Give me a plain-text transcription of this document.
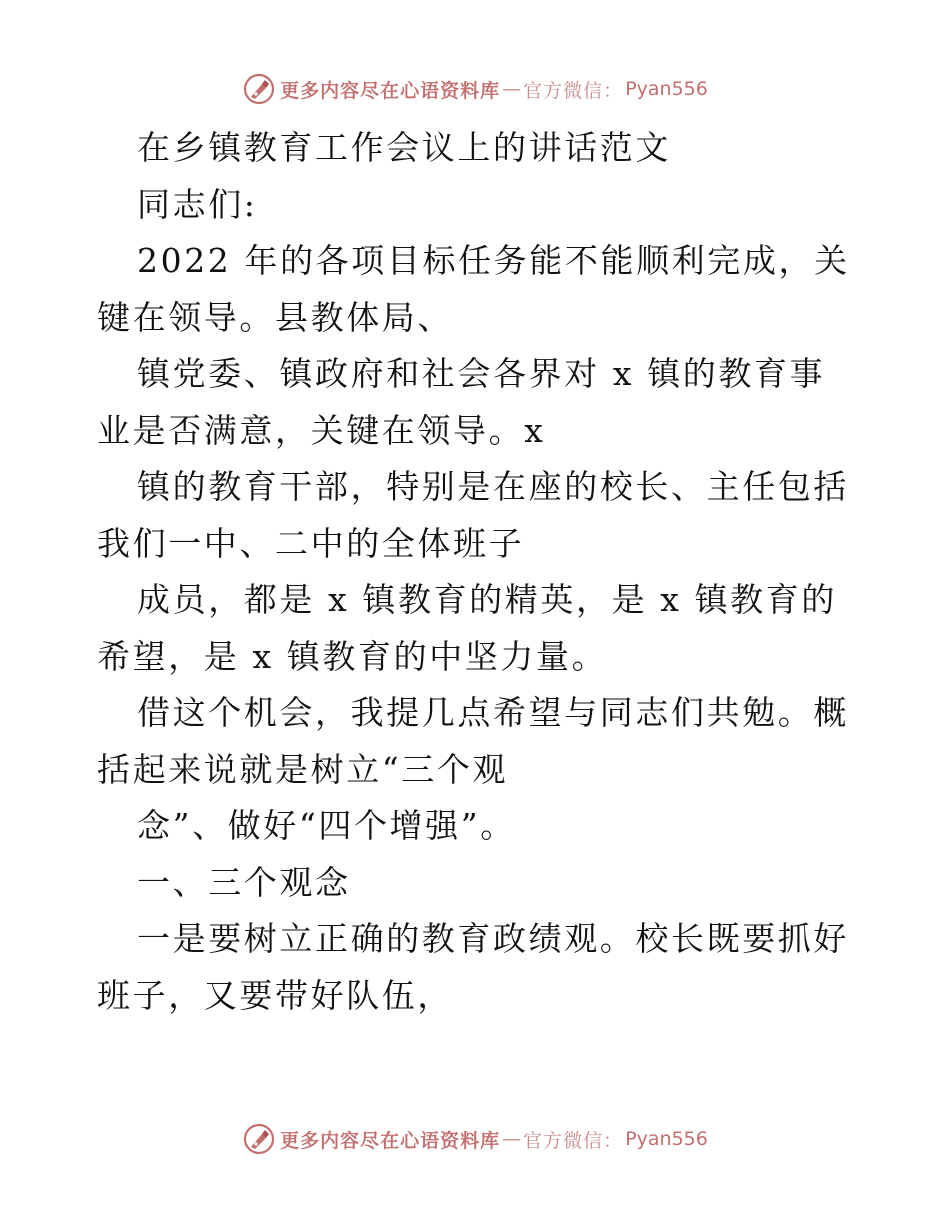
更多内容尽在心语资料库 — 官方微信： Pyan556

在乡镇教育工作会议上的讲话范文

同志们:

2022 年的各项目标任务能不能顺利完成，关键在领导。县教体局、

镇党委、镇政府和社会各界对 x 镇的教育事业是否满意，关键在领导。x

镇的教育干部，特别是在座的校长、主任包括我们一中、二中的全体班子

成员，都是 x 镇教育的精英，是 x 镇教育的希望，是 x 镇教育的中坚力量。

借这个机会，我提几点希望与同志们共勉。概括起来说就是树立“三个观

念”、做好“四个增强”。

一、三个观念

一是要树立正确的教育政绩观。校长既要抓好班子，又要带好队伍，

更多内容尽在心语资料库 — 官方微信： Pyan556
